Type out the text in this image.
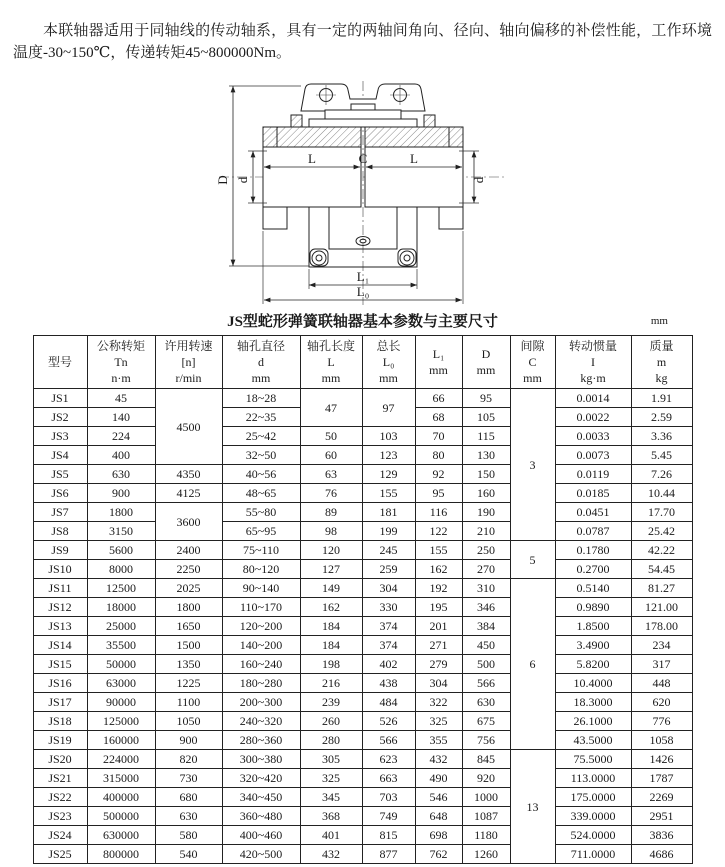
本联轴器适用于同轴线的传动轴系，具有一定的两轴间角向、径向、轴向偏移的补偿性能，工作环境温度-30~150℃，传递转矩45~800000Nm。

D d	d
L	C	L
L₁
L₀
JS型蛇形弹簧联轴器基本参数与主要尺寸	mm
型号	公称转矩
Tn
n·m	许用转速
[n]
r/min	轴孔直径
d
mm	轴孔长度
L
mm	总长
L₀
mm	L₁
mm	D
mm	间隙
C
mm	转动惯量
I
kg·m	质量
m
kg
JS1	45	4500	18~28	47	97	66	95	3	0.0014	1.91
JS2	140		22~35			68	105		0.0022	2.59
JS3	224		25~42	50	103	70	115		0.0033	3.36
JS4	400		32~50	60	123	80	130		0.0073	5.45
JS5	630	4350	40~56	63	129	92	150		0.0119	7.26
JS6	900	4125	48~65	76	155	95	160		0.0185	10.44
JS7	1800	3600	55~80	89	181	116	190		0.0451	17.70
JS8	3150		65~95	98	199	122	210		0.0787	25.42
JS9	5600	2400	75~110	120	245	155	250	5	0.1780	42.22
JS10	8000	2250	80~120	127	259	162	270		0.2700	54.45
JS11	12500	2025	90~140	149	304	192	310	6	0.5140	81.27
JS12	18000	1800	110~170	162	330	195	346		0.9890	121.00
JS13	25000	1650	120~200	184	374	201	384		1.8500	178.00
JS14	35500	1500	140~200	184	374	271	450		3.4900	234
JS15	50000	1350	160~240	198	402	279	500		5.8200	317
JS16	63000	1225	180~280	216	438	304	566		10.4000	448
JS17	90000	1100	200~300	239	484	322	630		18.3000	620
JS18	125000	1050	240~320	260	526	325	675		26.1000	776
JS19	160000	900	280~360	280	566	355	756		43.5000	1058
JS20	224000	820	300~380	305	623	432	845	13	75.5000	1426
JS21	315000	730	320~420	325	663	490	920		113.0000	1787
JS22	400000	680	340~450	345	703	546	1000		175.0000	2269
JS23	500000	630	360~480	368	749	648	1087		339.0000	2951
JS24	630000	580	400~460	401	815	698	1180		524.0000	3836
JS25	800000	540	420~500	432	877	762	1260		711.0000	4686
